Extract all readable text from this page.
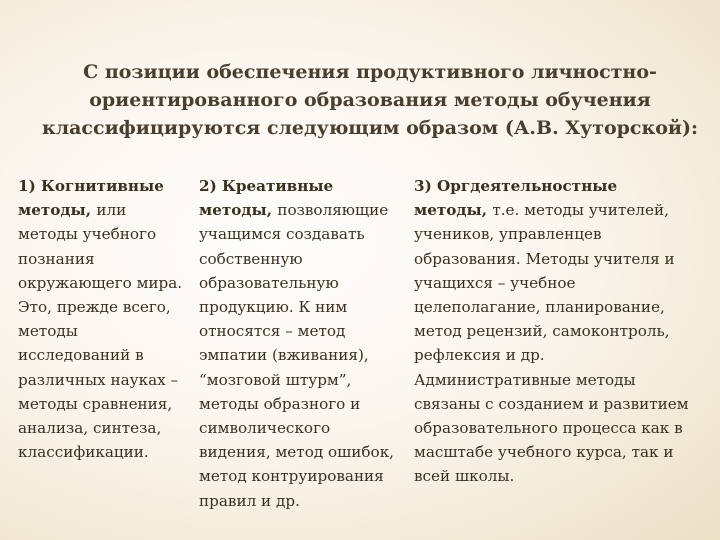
С позиции обеспечения продуктивного личностно-
ориентированного образования методы обучения
классифицируются следующим образом (А.В. Хуторской):
1) Когнитивные
методы, или
методы учебного
познания
окружающего мира.
Это, прежде всего,
методы
исследований в
различных науках –
методы сравнения,
анализа, синтеза,
классификации.
2) Креативные
методы, позволяющие
учащимся создавать
собственную
образовательную
продукцию. К ним
относятся – метод
эмпатии (вживания),
“мозговой штурм”,
методы образного и
символического
видения, метод ошибок,
метод контруирования
правил и др.
3) Оргдеятельностные
методы, т.е. методы учителей,
учеников, управленцев
образования. Методы учителя и
учащихся – учебное
целеполагание, планирование,
метод рецензий, самоконтроль,
рефлексия и др.
Административные методы
связаны с созданием и развитием
образовательного процесса как в
масштабе учебного курса, так и
всей школы.
